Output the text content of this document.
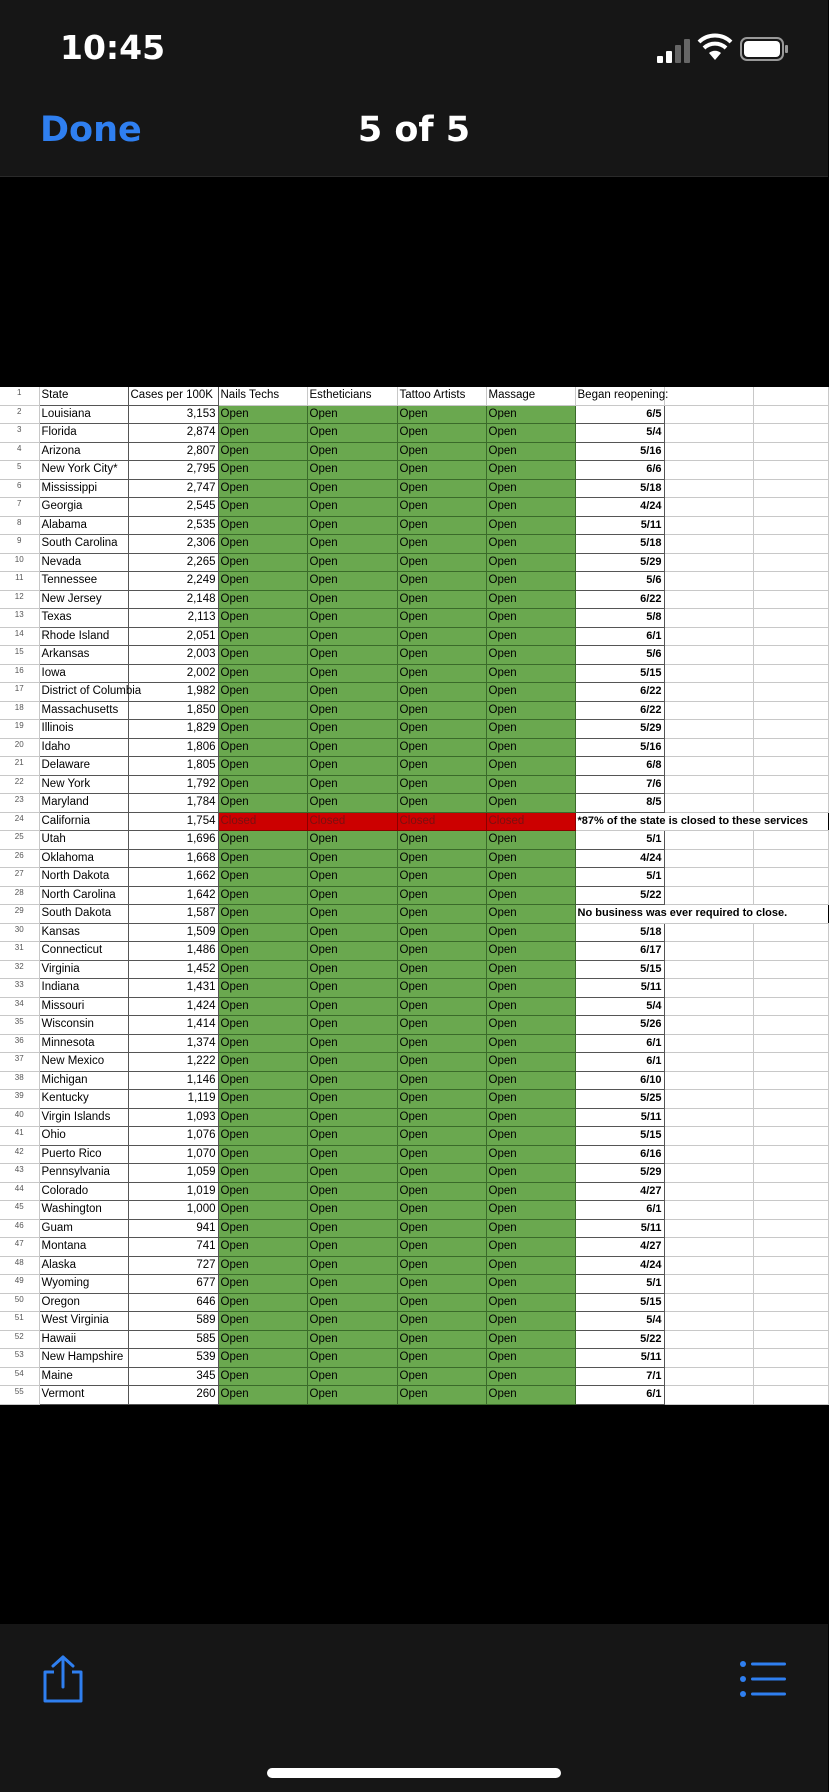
10:45
Done	5 of 5
1	State	Cases per 100K	Nails Techs	Estheticians	Tattoo Artists	Massage	Began reopening:		
2	Louisiana	3,153	Open	Open	Open	Open	6/5		
3	Florida	2,874	Open	Open	Open	Open	5/4		
4	Arizona	2,807	Open	Open	Open	Open	5/16		
5	New York City*	2,795	Open	Open	Open	Open	6/6		
6	Mississippi	2,747	Open	Open	Open	Open	5/18		
7	Georgia	2,545	Open	Open	Open	Open	4/24		
8	Alabama	2,535	Open	Open	Open	Open	5/11		
9	South Carolina	2,306	Open	Open	Open	Open	5/18		
10	Nevada	2,265	Open	Open	Open	Open	5/29		
11	Tennessee	2,249	Open	Open	Open	Open	5/6		
12	New Jersey	2,148	Open	Open	Open	Open	6/22		
13	Texas	2,113	Open	Open	Open	Open	5/8		
14	Rhode Island	2,051	Open	Open	Open	Open	6/1		
15	Arkansas	2,003	Open	Open	Open	Open	5/6		
16	Iowa	2,002	Open	Open	Open	Open	5/15		
17	District of Columbia	1,982	Open	Open	Open	Open	6/22		
18	Massachusetts	1,850	Open	Open	Open	Open	6/22		
19	Illinois	1,829	Open	Open	Open	Open	5/29		
20	Idaho	1,806	Open	Open	Open	Open	5/16		
21	Delaware	1,805	Open	Open	Open	Open	6/8		
22	New York	1,792	Open	Open	Open	Open	7/6		
23	Maryland	1,784	Open	Open	Open	Open	8/5		
24	California	1,754	Closed	Closed	Closed	Closed	*87% of the state is closed to these services		
25	Utah	1,696	Open	Open	Open	Open	5/1		
26	Oklahoma	1,668	Open	Open	Open	Open	4/24		
27	North Dakota	1,662	Open	Open	Open	Open	5/1		
28	North Carolina	1,642	Open	Open	Open	Open	5/22		
29	South Dakota	1,587	Open	Open	Open	Open	No business was ever required to close.		
30	Kansas	1,509	Open	Open	Open	Open	5/18		
31	Connecticut	1,486	Open	Open	Open	Open	6/17		
32	Virginia	1,452	Open	Open	Open	Open	5/15		
33	Indiana	1,431	Open	Open	Open	Open	5/11		
34	Missouri	1,424	Open	Open	Open	Open	5/4		
35	Wisconsin	1,414	Open	Open	Open	Open	5/26		
36	Minnesota	1,374	Open	Open	Open	Open	6/1		
37	New Mexico	1,222	Open	Open	Open	Open	6/1		
38	Michigan	1,146	Open	Open	Open	Open	6/10		
39	Kentucky	1,119	Open	Open	Open	Open	5/25		
40	Virgin Islands	1,093	Open	Open	Open	Open	5/11		
41	Ohio	1,076	Open	Open	Open	Open	5/15		
42	Puerto Rico	1,070	Open	Open	Open	Open	6/16		
43	Pennsylvania	1,059	Open	Open	Open	Open	5/29		
44	Colorado	1,019	Open	Open	Open	Open	4/27		
45	Washington	1,000	Open	Open	Open	Open	6/1		
46	Guam	941	Open	Open	Open	Open	5/11		
47	Montana	741	Open	Open	Open	Open	4/27		
48	Alaska	727	Open	Open	Open	Open	4/24		
49	Wyoming	677	Open	Open	Open	Open	5/1		
50	Oregon	646	Open	Open	Open	Open	5/15		
51	West Virginia	589	Open	Open	Open	Open	5/4		
52	Hawaii	585	Open	Open	Open	Open	5/22		
53	New Hampshire	539	Open	Open	Open	Open	5/11		
54	Maine	345	Open	Open	Open	Open	7/1		
55	Vermont	260	Open	Open	Open	Open	6/1		
